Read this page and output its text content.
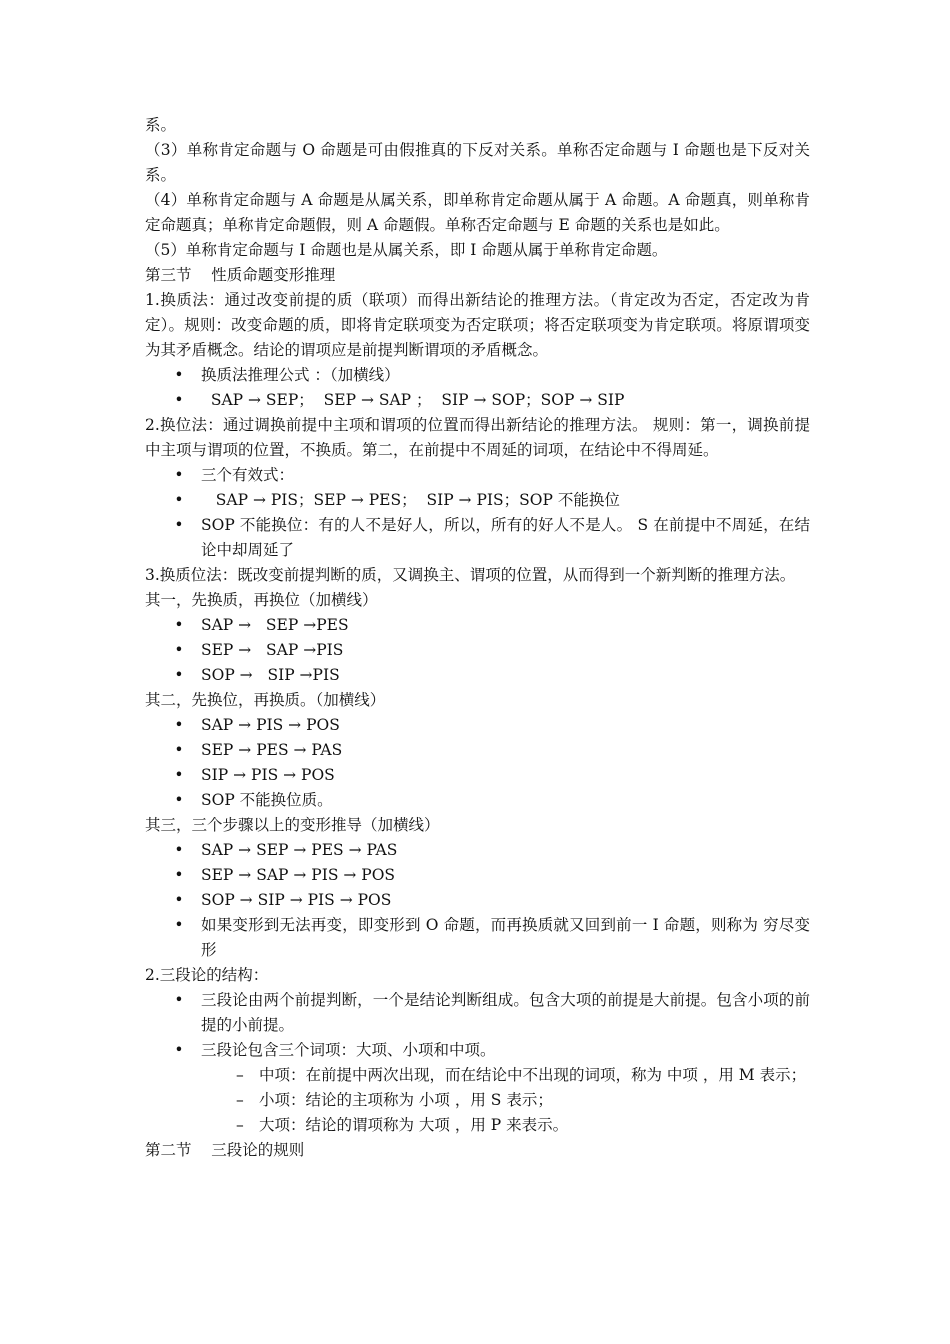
系。

（3）单称肯定命题与 O 命题是可由假推真的下反对关系。单称否定命题与 I 命题也是下反对关系。

（4）单称肯定命题与 A 命题是从属关系，即单称肯定命题从属于 A 命题。A 命题真，则单称肯定命题真；单称肯定命题假，则 A 命题假。单称否定命题与 E 命题的关系也是如此。

（5）单称肯定命题与 I 命题也是从属关系，即 I 命题从属于单称肯定命题。

第三节    性质命题变形推理

1.换质法：通过改变前提的质（联项）而得出新结论的推理方法。（肯定改为否定，否定改为肯定）。规则：改变命题的质，即将肯定联项变为否定联项；将否定联项变为肯定联项。将原谓项变为其矛盾概念。结论的谓项应是前提判断谓项的矛盾概念。

• 换质法推理公式 ：（加横线）
• SAP → SEP；  SEP → SAP ；  SIP → SOP；SOP → SIP

2.换位法：通过调换前提中主项和谓项的位置而得出新结论的推理方法。 规则：第一，调换前提中主项与谓项的位置，不换质。第二，在前提中不周延的词项，在结论中不得周延。

• 三个有效式：
• SAP → PIS；SEP → PES；  SIP → PIS；SOP 不能换位
• SOP 不能换位：有的人不是好人，所以，所有的好人不是人。 S 在前提中不周延，在结论中却周延了

3.换质位法：既改变前提判断的质，又调换主、谓项的位置，从而得到一个新判断的推理方法。

其一，先换质，再换位（加横线）

• SAP →   SEP →PES
• SEP →   SAP →PIS
• SOP →   SIP →PIS

其二，先换位，再换质。（加横线）

• SAP → PIS → POS
• SEP → PES → PAS
• SIP → PIS → POS
• SOP 不能换位质。

其三，三个步骤以上的变形推导（加横线）

• SAP → SEP → PES → PAS
• SEP → SAP → PIS → POS
• SOP → SIP → PIS → POS
• 如果变形到无法再变，即变形到 O 命题，而再换质就又回到前一 I 命题，则称为 穷尽变形

2.三段论的结构：

• 三段论由两个前提判断，一个是结论判断组成。包含大项的前提是大前提。包含小项的前提的小前提。
• 三段论包含三个词项：大项、小项和中项。
– 中项：在前提中两次出现，而在结论中不出现的词项，称为 中项 ，用 M 表示；
– 小项：结论的主项称为 小项 ，用 S 表示；
– 大项：结论的谓项称为 大项 ，用 P 来表示。

第二节    三段论的规则
